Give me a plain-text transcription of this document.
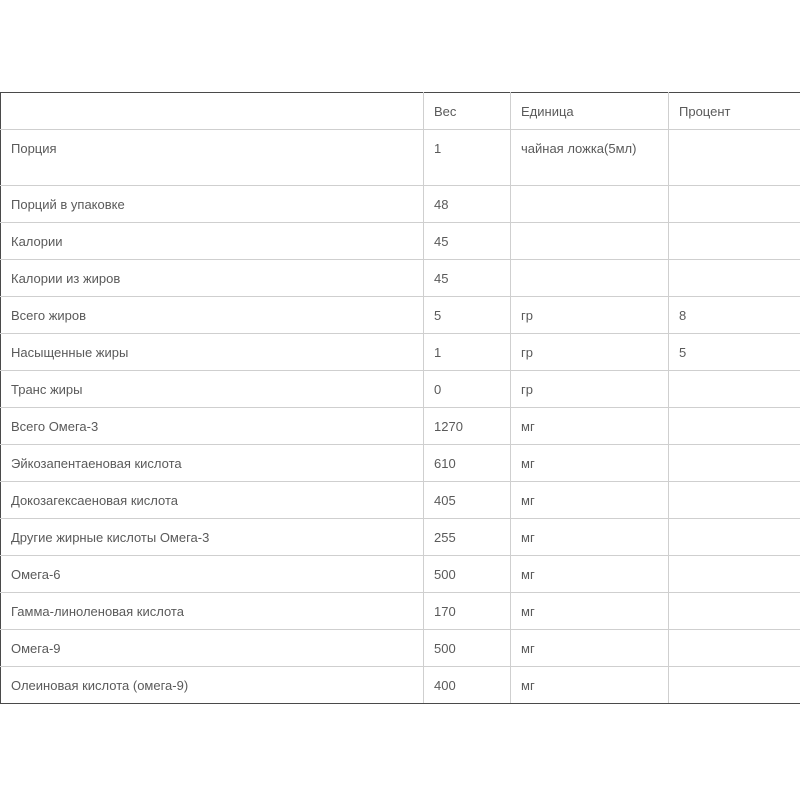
	Вес	Единица	Процент
Порция	1	чайная ложка(5мл)	
Порций в упаковке	48		
Калории	45		
Калории из жиров	45		
Всего жиров	5	гр	8
Насыщенные жиры	1	гр	5
Транс жиры	0	гр	
Всего Омега-3	1270	мг	
Эйкозапентаеновая кислота	610	мг	
Докозагексаеновая кислота	405	мг	
Другие жирные кислоты Омега-3	255	мг	
Омега-6	500	мг	
Гамма-линоленовая кислота	170	мг	
Омега-9	500	мг	
Олеиновая кислота (омега-9)	400	мг	
